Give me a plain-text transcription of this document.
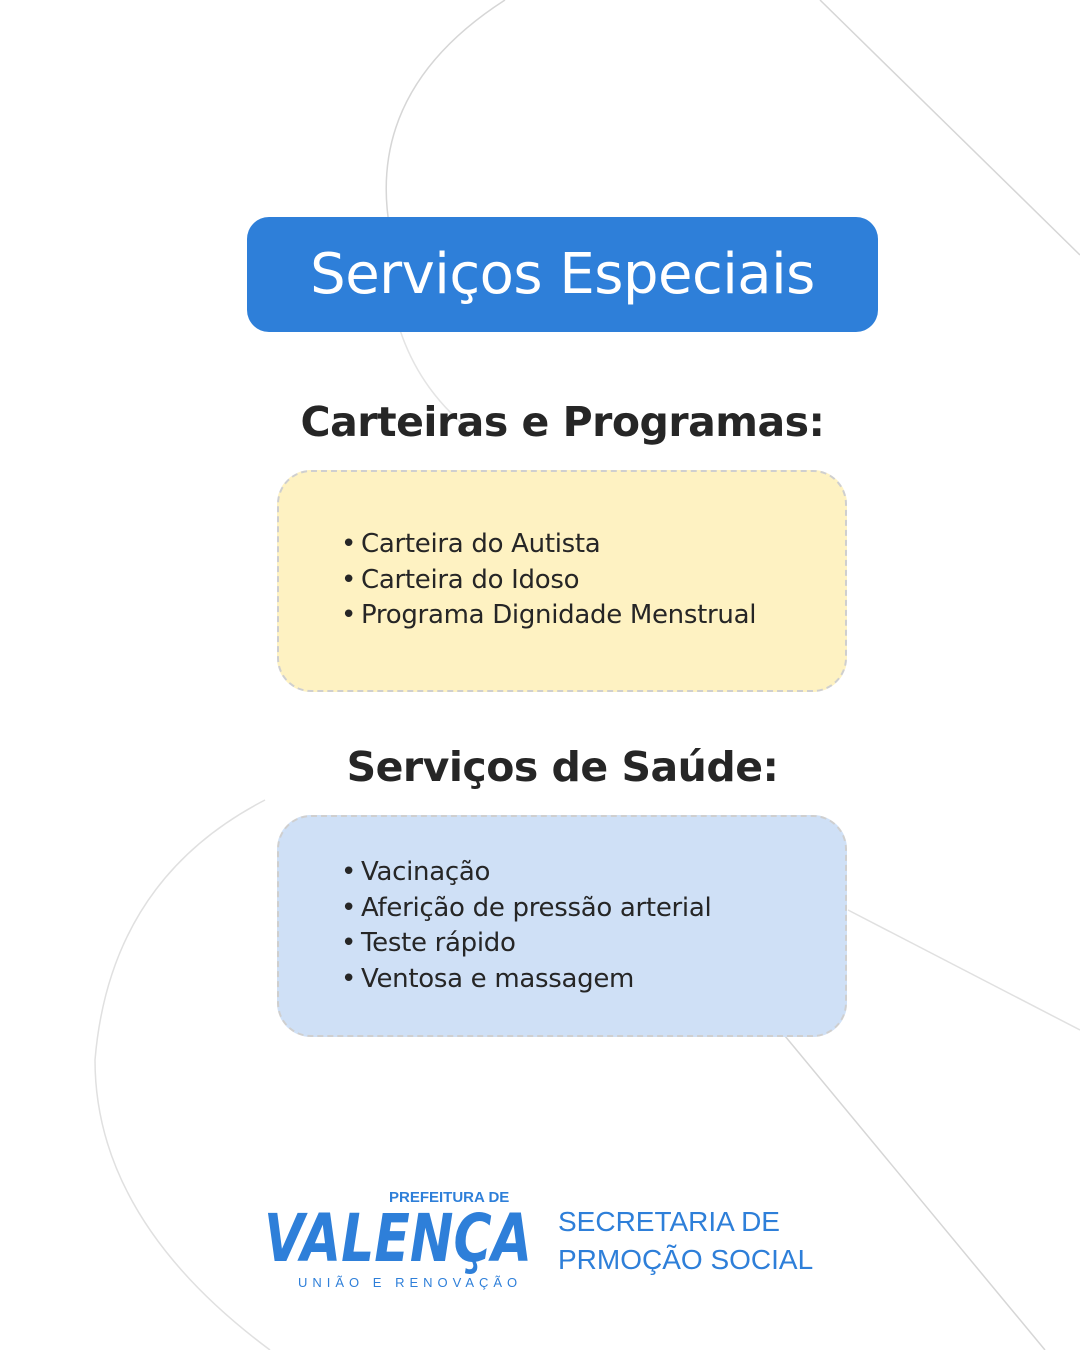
Serviços Especiais
Carteiras e Programas:
• Carteira do Autista
• Carteira do Idoso
• Programa Dignidade Menstrual
Serviços de Saúde:
• Vacinação
• Aferição de pressão arterial
• Teste rápido
• Ventosa e massagem
PREFEITURA DE
VALENÇA
UNIÃO E RENOVAÇÃO
SECRETARIA DE
PRMOÇÃO SOCIAL
